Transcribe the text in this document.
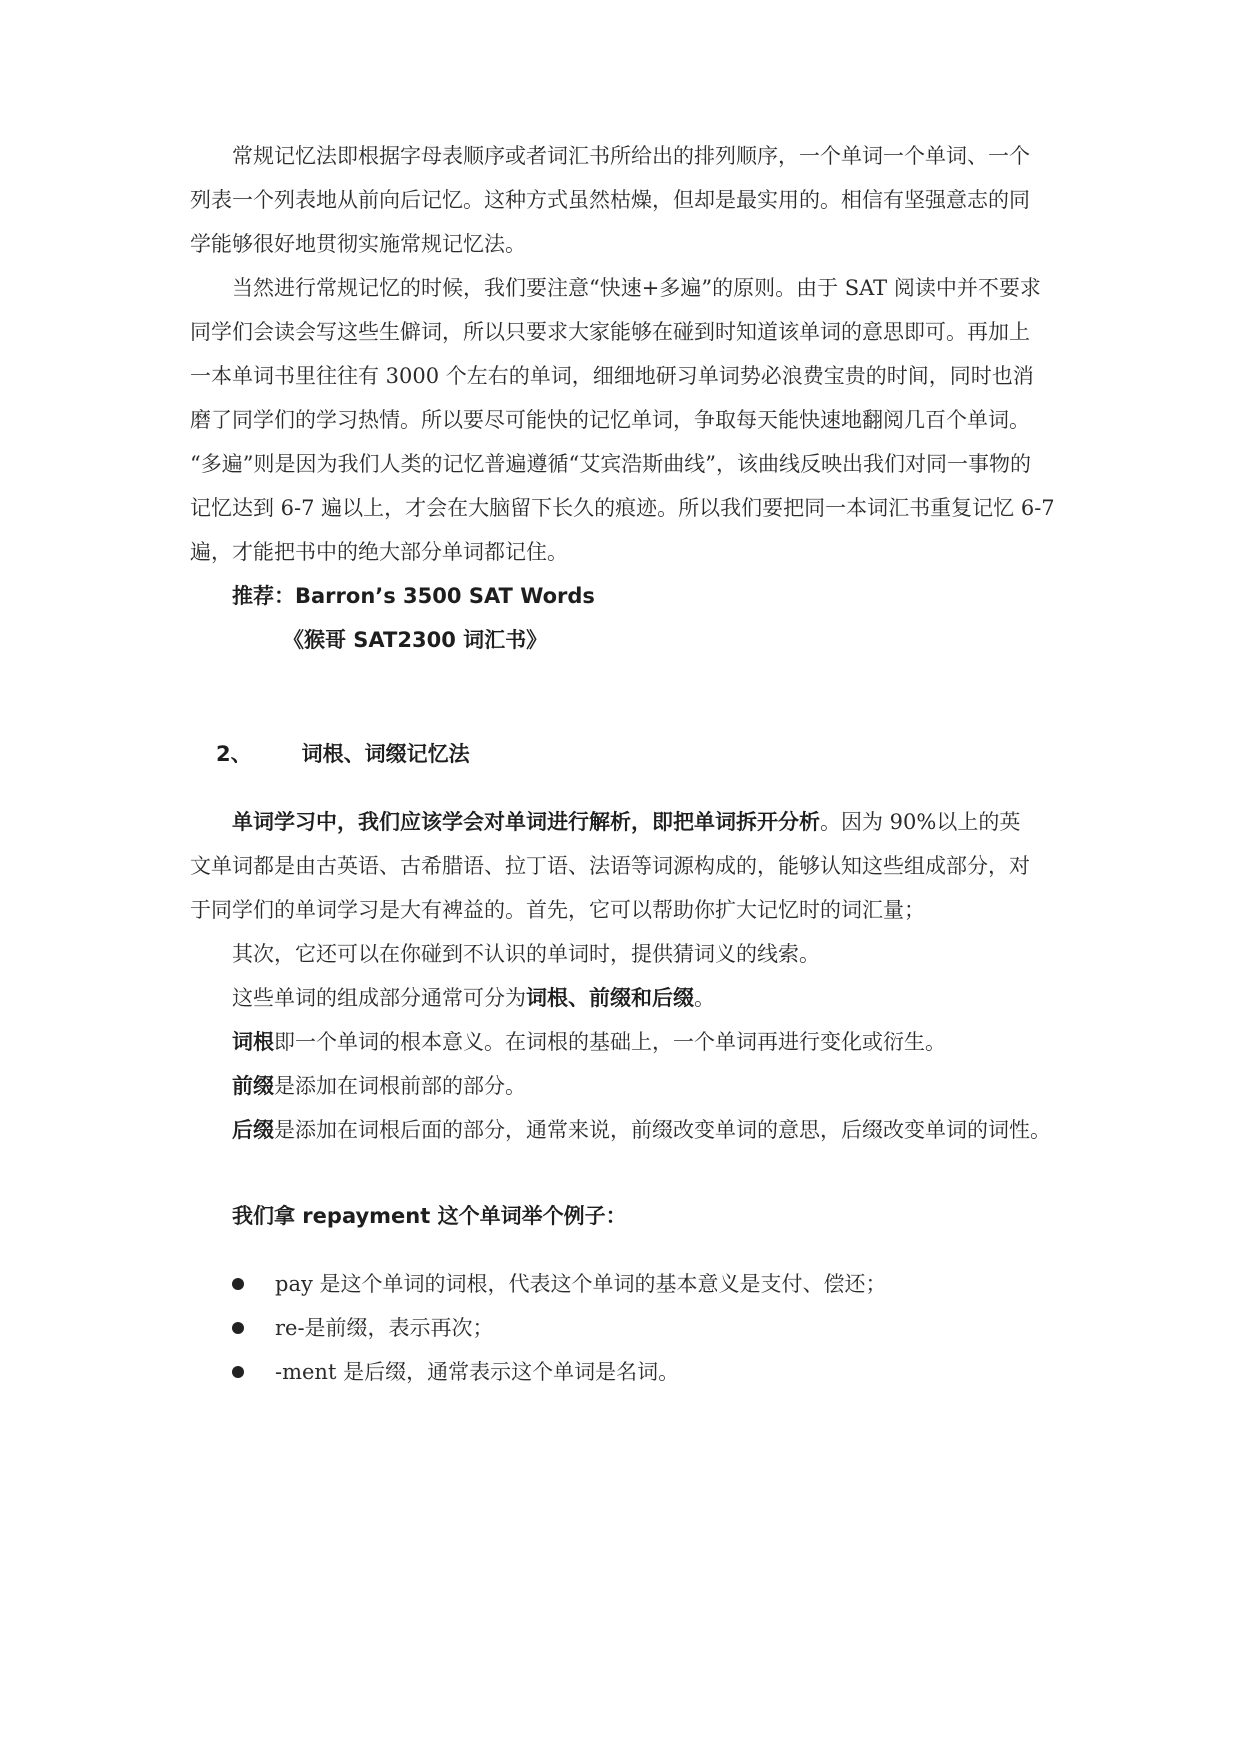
常规记忆法即根据字母表顺序或者词汇书所给出的排列顺序，一个单词一个单词、一个
列表一个列表地从前向后记忆。这种方式虽然枯燥，但却是最实用的。相信有坚强意志的同
学能够很好地贯彻实施常规记忆法。
当然进行常规记忆的时候，我们要注意“快速+多遍”的原则。由于 SAT 阅读中并不要求
同学们会读会写这些生僻词，所以只要求大家能够在碰到时知道该单词的意思即可。再加上
一本单词书里往往有 3000 个左右的单词，细细地研习单词势必浪费宝贵的时间，同时也消
磨了同学们的学习热情。所以要尽可能快的记忆单词，争取每天能快速地翻阅几百个单词。
“多遍”则是因为我们人类的记忆普遍遵循“艾宾浩斯曲线”，该曲线反映出我们对同一事物的
记忆达到 6-7 遍以上，才会在大脑留下长久的痕迹。所以我们要把同一本词汇书重复记忆 6-7
遍，才能把书中的绝大部分单词都记住。
推荐：Barron’s 3500 SAT Words
《猴哥 SAT2300 词汇书》
2、 词根、词缀记忆法
单词学习中，我们应该学会对单词进行解析，即把单词拆开分析。因为 90%以上的英
文单词都是由古英语、古希腊语、拉丁语、法语等词源构成的，能够认知这些组成部分，对
于同学们的单词学习是大有裨益的。首先，它可以帮助你扩大记忆时的词汇量；
其次，它还可以在你碰到不认识的单词时，提供猜词义的线索。
这些单词的组成部分通常可分为词根、前缀和后缀。
词根即一个单词的根本意义。在词根的基础上，一个单词再进行变化或衍生。
前缀是添加在词根前部的部分。
后缀是添加在词根后面的部分，通常来说，前缀改变单词的意思，后缀改变单词的词性。
我们拿 repayment 这个单词举个例子：
pay 是这个单词的词根，代表这个单词的基本意义是支付、偿还；
re-是前缀，表示再次；
-ment 是后缀，通常表示这个单词是名词。
